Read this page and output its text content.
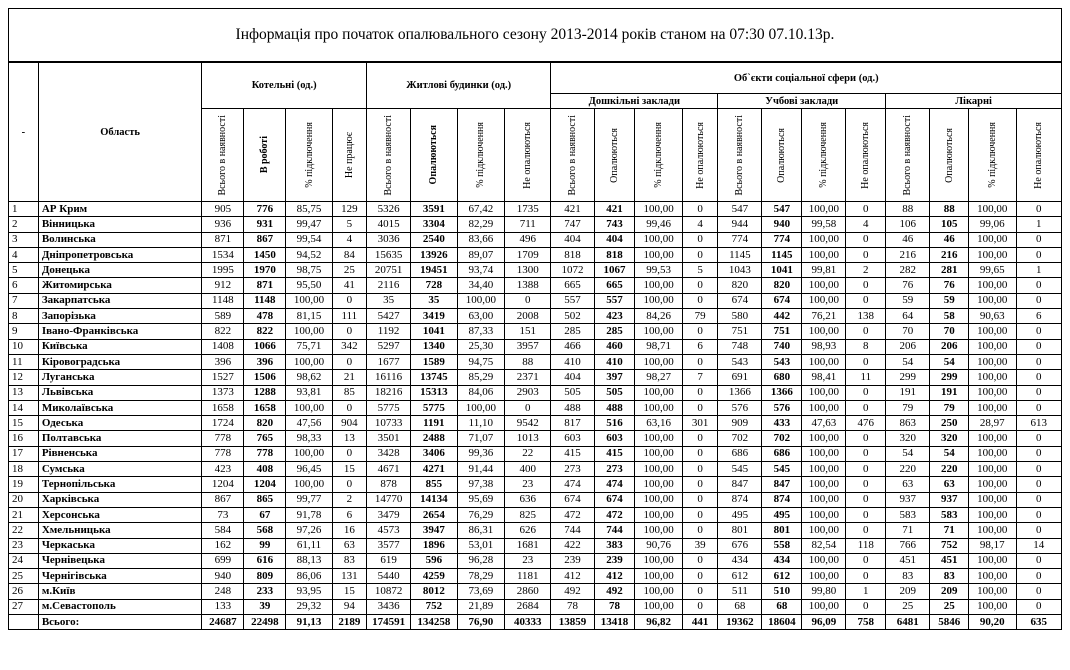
Інформація про початок опалювального сезону 2013-2014 років станом на 07:30 07.10.13р.
-	Область	Котельні (од.)				Житлові будинки (од.)				Об`єкти соціальної сфери (од.)											
										Дошкільні заклади				Учбові заклади				Лікарні			

		Всього в наявності	В роботі	% підключення	Не працює	Всього в наявності	Опалюються	% підключення	Не опалюються	Всього в наявності	Опалюються	% підключення	Не опалюються	Всього в наявності	Опалюються	% підключення	Не опалюються	Всього в наявності	Опалюються	% підключення	Не опалюються

1	АР Крим	905	776	85,75	129	5326	3591	67,42	1735	421	421	100,00	0	547	547	100,00	0	88	88	100,00	0
2	Вінницька	936	931	99,47	5	4015	3304	82,29	711	747	743	99,46	4	944	940	99,58	4	106	105	99,06	1
3	Волинська	871	867	99,54	4	3036	2540	83,66	496	404	404	100,00	0	774	774	100,00	0	46	46	100,00	0
4	Дніпропетровська	1534	1450	94,52	84	15635	13926	89,07	1709	818	818	100,00	0	1145	1145	100,00	0	216	216	100,00	0
5	Донецька	1995	1970	98,75	25	20751	19451	93,74	1300	1072	1067	99,53	5	1043	1041	99,81	2	282	281	99,65	1
6	Житомирська	912	871	95,50	41	2116	728	34,40	1388	665	665	100,00	0	820	820	100,00	0	76	76	100,00	0
7	Закарпатська	1148	1148	100,00	0	35	35	100,00	0	557	557	100,00	0	674	674	100,00	0	59	59	100,00	0
8	Запорізька	589	478	81,15	111	5427	3419	63,00	2008	502	423	84,26	79	580	442	76,21	138	64	58	90,63	6
9	Івано-Франківська	822	822	100,00	0	1192	1041	87,33	151	285	285	100,00	0	751	751	100,00	0	70	70	100,00	0
10	Київська	1408	1066	75,71	342	5297	1340	25,30	3957	466	460	98,71	6	748	740	98,93	8	206	206	100,00	0
11	Кіровоградська	396	396	100,00	0	1677	1589	94,75	88	410	410	100,00	0	543	543	100,00	0	54	54	100,00	0
12	Луганська	1527	1506	98,62	21	16116	13745	85,29	2371	404	397	98,27	7	691	680	98,41	11	299	299	100,00	0
13	Львівська	1373	1288	93,81	85	18216	15313	84,06	2903	505	505	100,00	0	1366	1366	100,00	0	191	191	100,00	0
14	Миколаївська	1658	1658	100,00	0	5775	5775	100,00	0	488	488	100,00	0	576	576	100,00	0	79	79	100,00	0
15	Одеська	1724	820	47,56	904	10733	1191	11,10	9542	817	516	63,16	301	909	433	47,63	476	863	250	28,97	613
16	Полтавська	778	765	98,33	13	3501	2488	71,07	1013	603	603	100,00	0	702	702	100,00	0	320	320	100,00	0
17	Рівненська	778	778	100,00	0	3428	3406	99,36	22	415	415	100,00	0	686	686	100,00	0	54	54	100,00	0
18	Сумська	423	408	96,45	15	4671	4271	91,44	400	273	273	100,00	0	545	545	100,00	0	220	220	100,00	0
19	Тернопільська	1204	1204	100,00	0	878	855	97,38	23	474	474	100,00	0	847	847	100,00	0	63	63	100,00	0
20	Харківська	867	865	99,77	2	14770	14134	95,69	636	674	674	100,00	0	874	874	100,00	0	937	937	100,00	0
21	Херсонська	73	67	91,78	6	3479	2654	76,29	825	472	472	100,00	0	495	495	100,00	0	583	583	100,00	0
22	Хмельницька	584	568	97,26	16	4573	3947	86,31	626	744	744	100,00	0	801	801	100,00	0	71	71	100,00	0
23	Черкаська	162	99	61,11	63	3577	1896	53,01	1681	422	383	90,76	39	676	558	82,54	118	766	752	98,17	14
24	Чернівецька	699	616	88,13	83	619	596	96,28	23	239	239	100,00	0	434	434	100,00	0	451	451	100,00	0
25	Чернігівська	940	809	86,06	131	5440	4259	78,29	1181	412	412	100,00	0	612	612	100,00	0	83	83	100,00	0
26	м.Київ	248	233	93,95	15	10872	8012	73,69	2860	492	492	100,00	0	511	510	99,80	1	209	209	100,00	0
27	м.Севастополь	133	39	29,32	94	3436	752	21,89	2684	78	78	100,00	0	68	68	100,00	0	25	25	100,00	0
	Всього:	24687	22498	91,13	2189	174591	134258	76,90	40333	13859	13418	96,82	441	19362	18604	96,09	758	6481	5846	90,20	635
